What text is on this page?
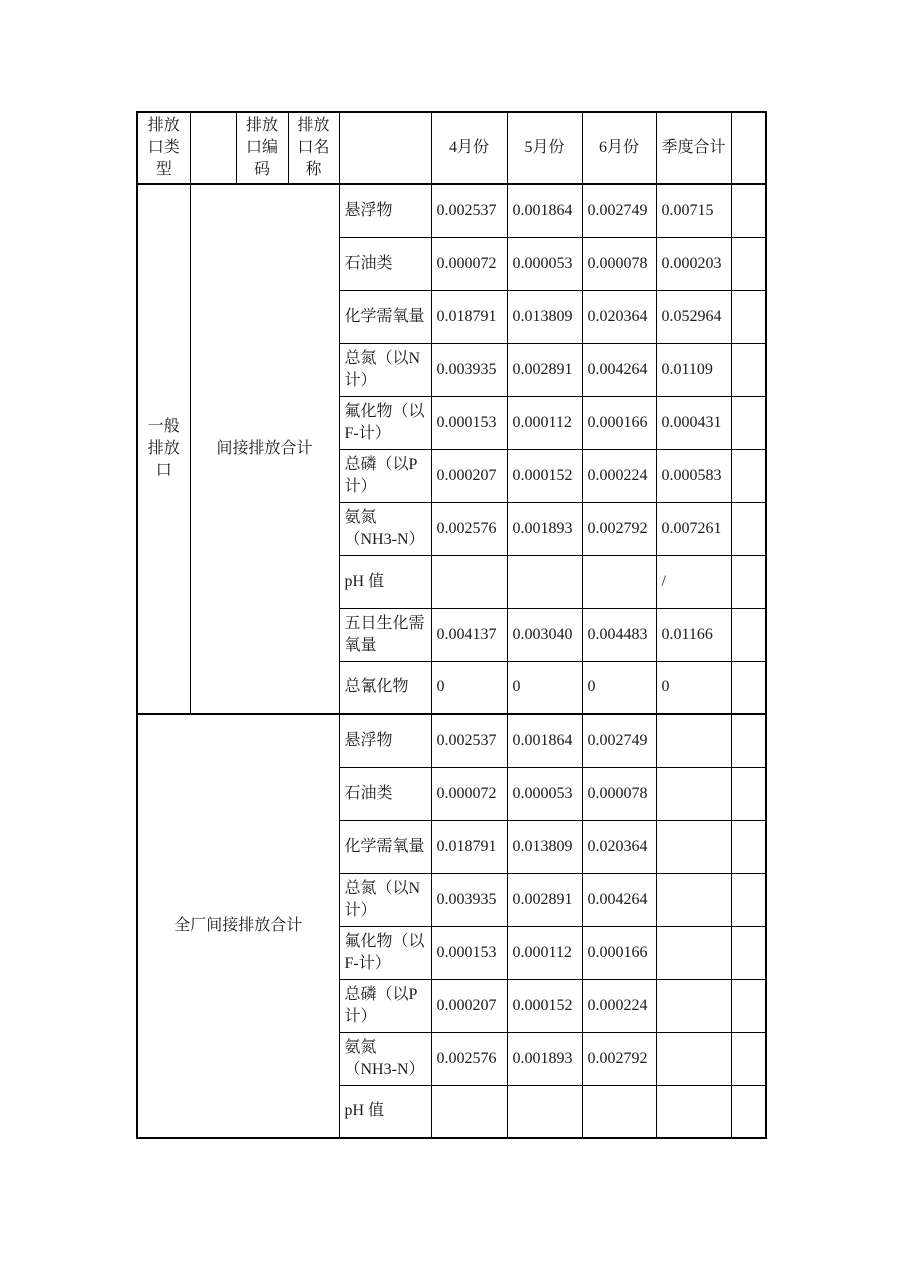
排放口类型		排放口编码	排放口名称		4月份	5月份	6月份	季度合计	
一般排放口	间接排放合计			悬浮物	0.002537	0.001864	0.002749	0.00715	
				石油类	0.000072	0.000053	0.000078	0.000203	
				化学需氧量	0.018791	0.013809	0.020364	0.052964	
				总氮（以N计）	0.003935	0.002891	0.004264	0.01109	
				氟化物（以F-计）	0.000153	0.000112	0.000166	0.000431	
				总磷（以P计）	0.000207	0.000152	0.000224	0.000583	
				氨氮（NH3-N）	0.002576	0.001893	0.002792	0.007261	
				pH 值				/	
				五日生化需氧量	0.004137	0.003040	0.004483	0.01166	
				总氰化物	0	0	0	0	
全厂间接排放合计				悬浮物	0.002537	0.001864	0.002749		
				石油类	0.000072	0.000053	0.000078		
				化学需氧量	0.018791	0.013809	0.020364		
				总氮（以N计）	0.003935	0.002891	0.004264		
				氟化物（以F-计）	0.000153	0.000112	0.000166		
				总磷（以P计）	0.000207	0.000152	0.000224		
				氨氮（NH3-N）	0.002576	0.001893	0.002792		
				pH 值					
